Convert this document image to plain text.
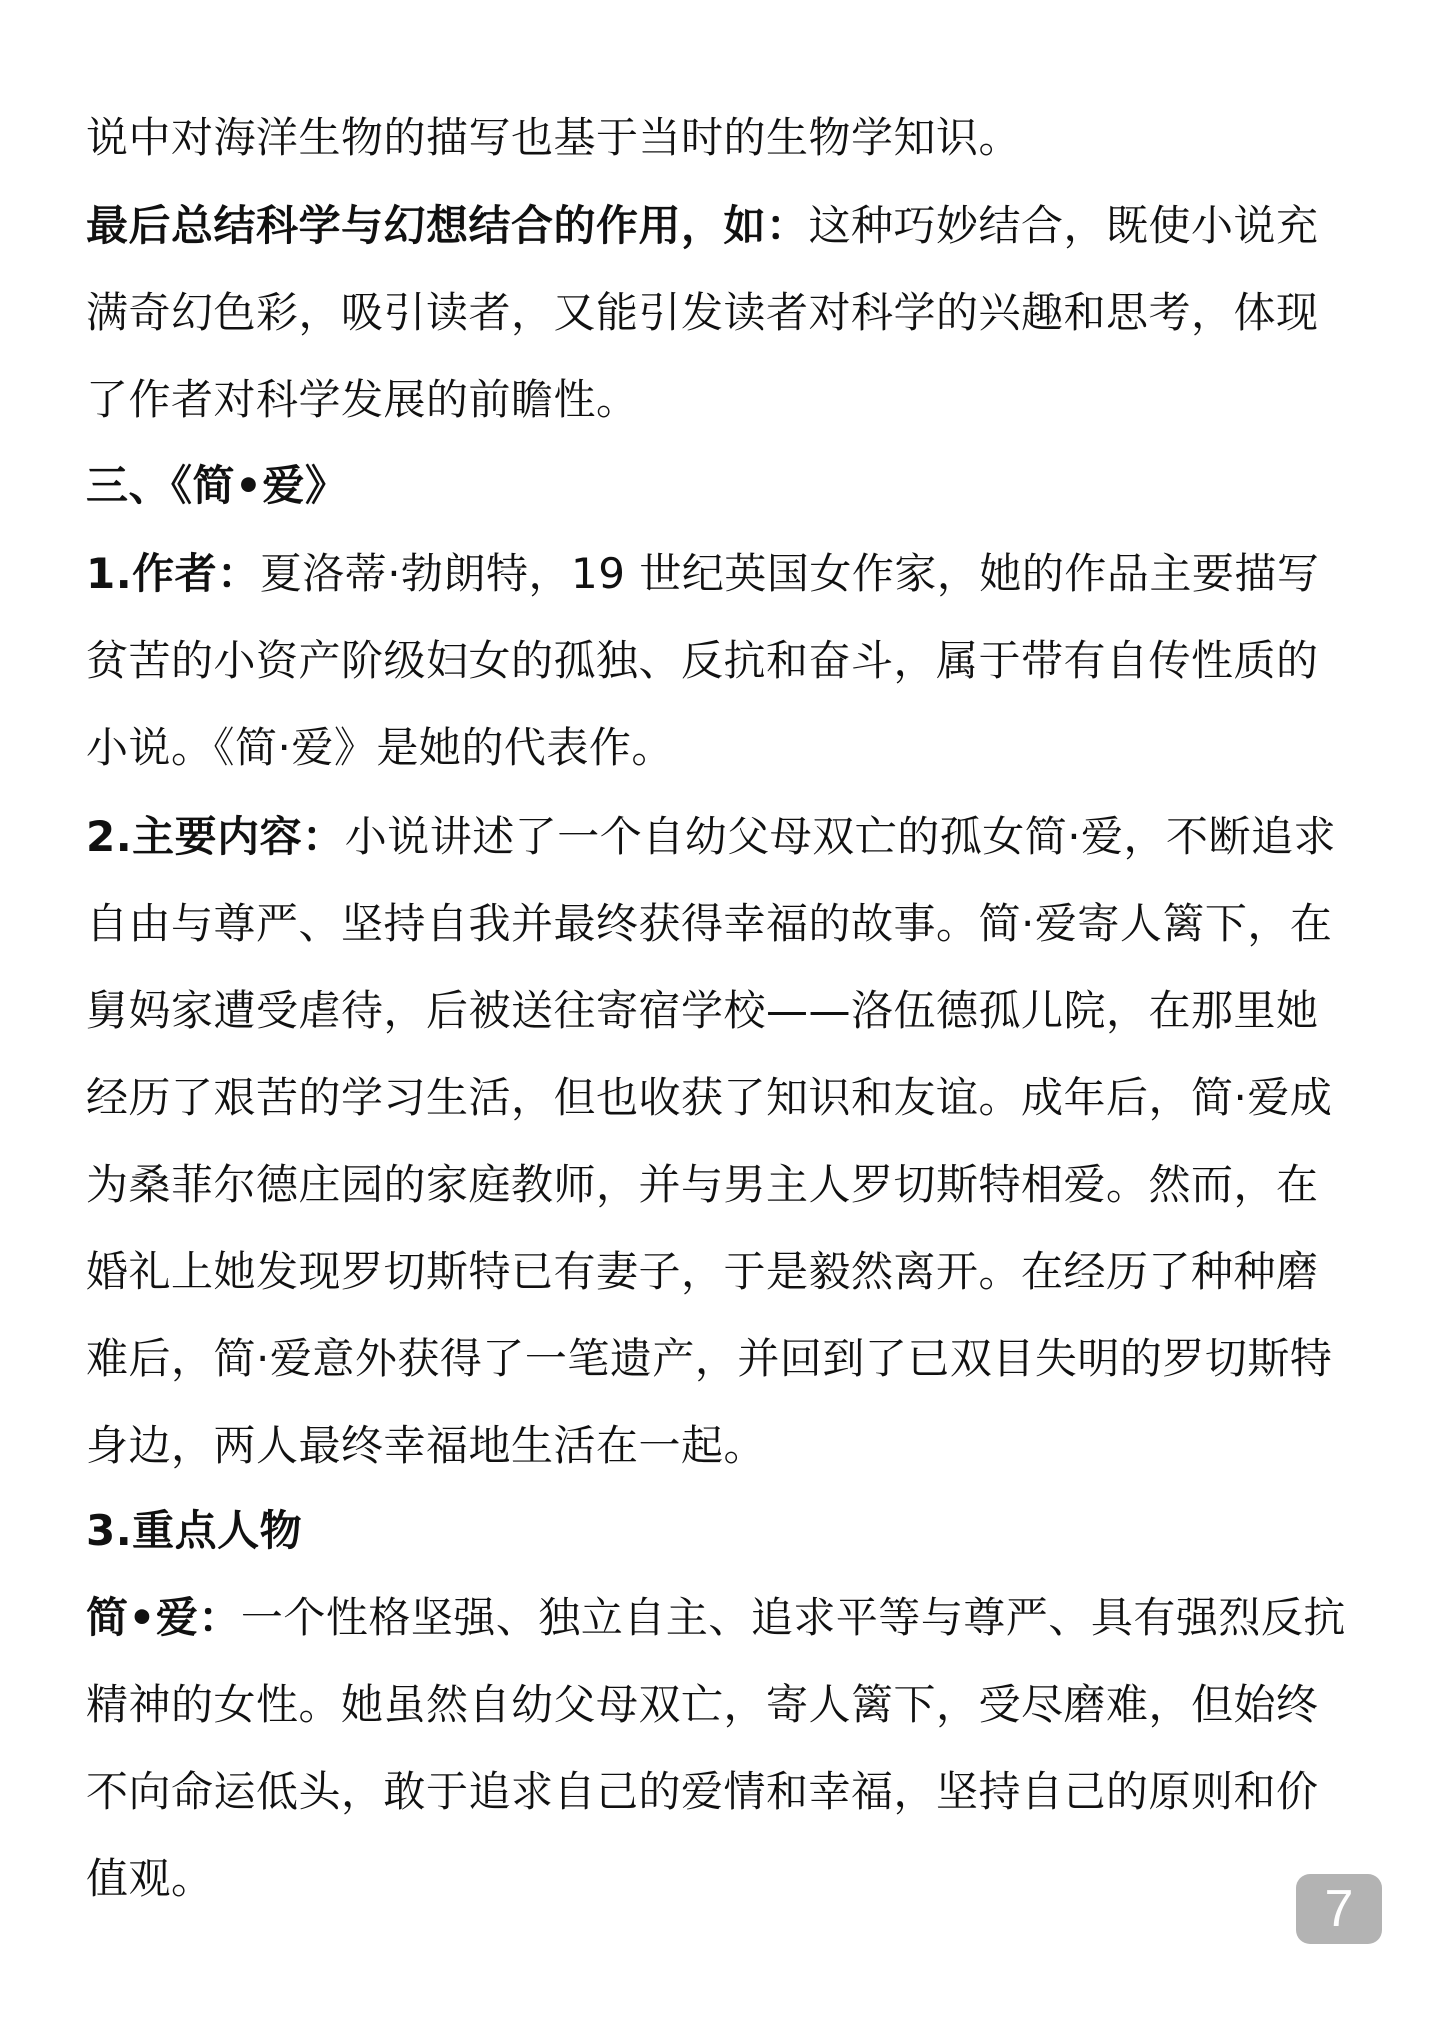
说中对海洋生物的描写也基于当时的生物学知识。

最后总结科学与幻想结合的作用，如：这种巧妙结合，既使小说充满奇幻色彩，吸引读者，又能引发读者对科学的兴趣和思考，体现了作者对科学发展的前瞻性。

三、《简•爱》

1.作者：夏洛蒂·勃朗特，19 世纪英国女作家，她的作品主要描写贫苦的小资产阶级妇女的孤独、反抗和奋斗，属于带有自传性质的小说。《简·爱》是她的代表作。

2.主要内容：小说讲述了一个自幼父母双亡的孤女简·爱，不断追求自由与尊严、坚持自我并最终获得幸福的故事。简·爱寄人篱下，在舅妈家遭受虐待，后被送往寄宿学校——洛伍德孤儿院，在那里她经历了艰苦的学习生活，但也收获了知识和友谊。成年后，简·爱成为桑菲尔德庄园的家庭教师，并与男主人罗切斯特相爱。然而，在婚礼上她发现罗切斯特已有妻子，于是毅然离开。在经历了种种磨难后，简·爱意外获得了一笔遗产，并回到了已双目失明的罗切斯特身边，两人最终幸福地生活在一起。

3.重点人物

简•爱：一个性格坚强、独立自主、追求平等与尊严、具有强烈反抗精神的女性。她虽然自幼父母双亡，寄人篱下，受尽磨难，但始终不向命运低头，敢于追求自己的爱情和幸福，坚持自己的原则和价值观。

7
